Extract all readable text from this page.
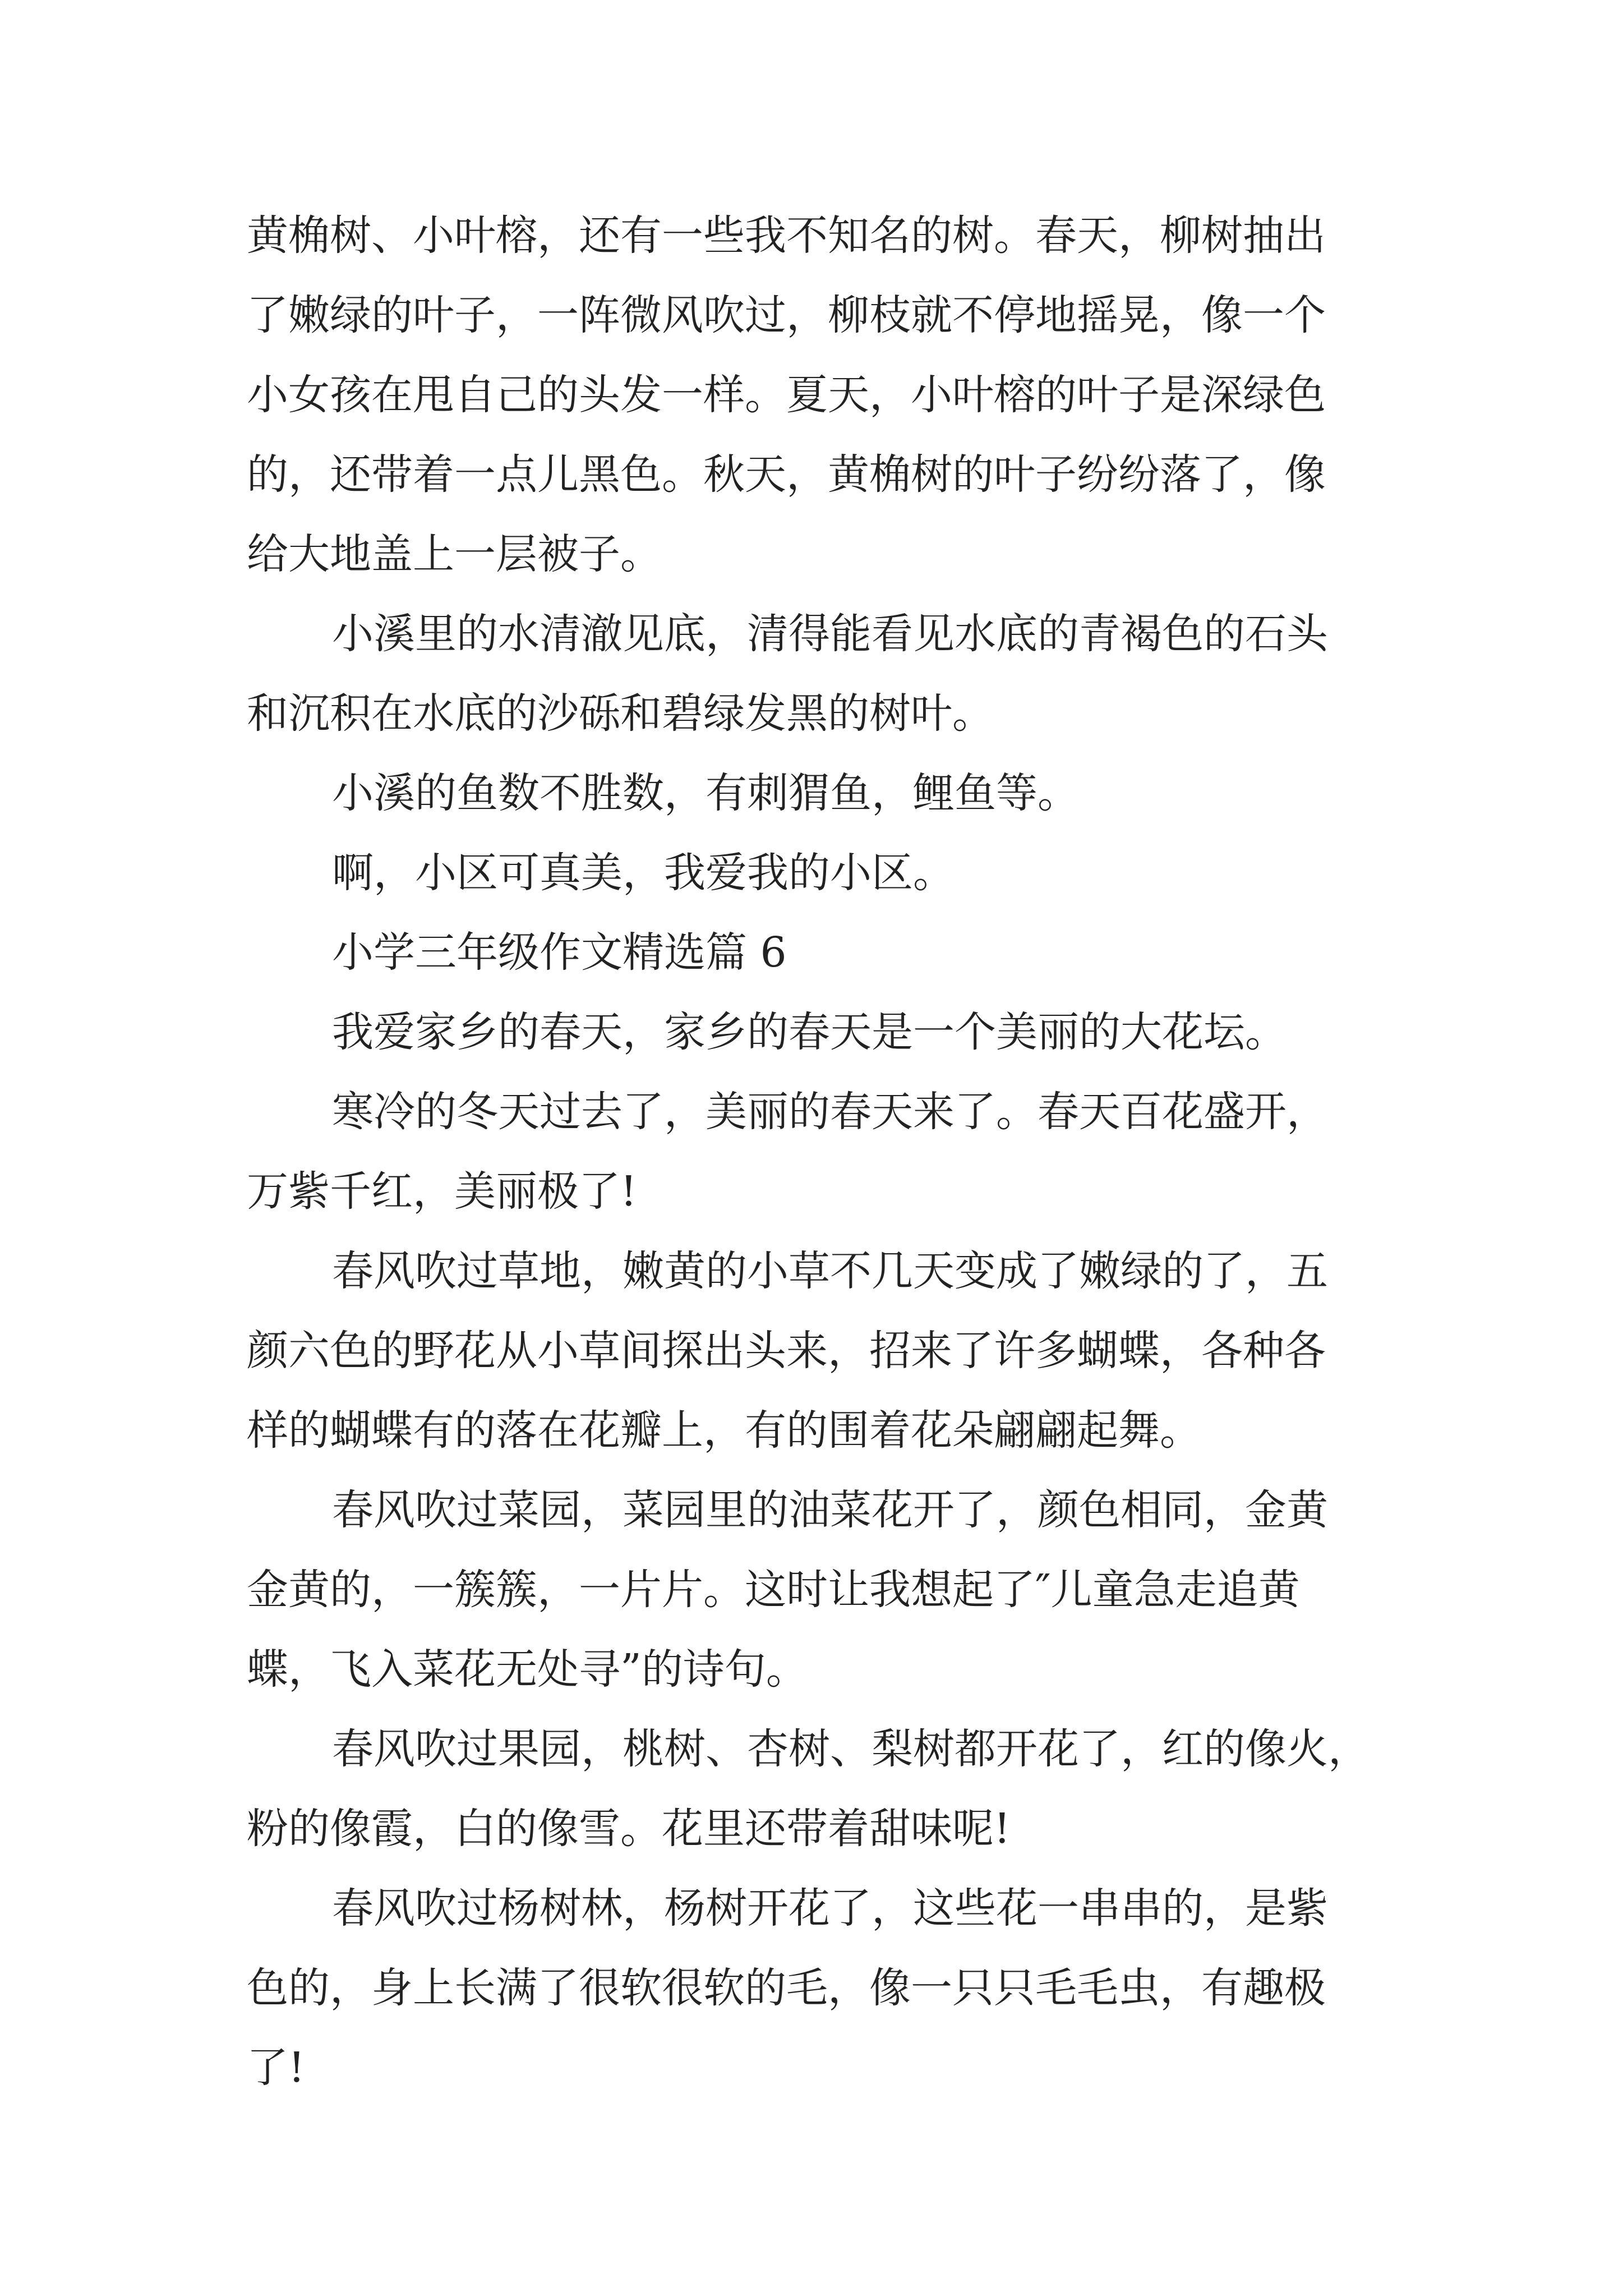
黄桷树、小叶榕，还有一些我不知名的树。春天，柳树抽出
了嫩绿的叶子，一阵微风吹过，柳枝就不停地摇晃，像一个
小女孩在甩自己的头发一样。夏天，小叶榕的叶子是深绿色
的，还带着一点儿黑色。秋天，黄桷树的叶子纷纷落了，像
给大地盖上一层被子。
小溪里的水清澈见底，清得能看见水底的青褐色的石头
和沉积在水底的沙砾和碧绿发黑的树叶。
小溪的鱼数不胜数，有刺猬鱼，鲤鱼等。
啊，小区可真美，我爱我的小区。
小学三年级作文精选篇 6
我爱家乡的春天，家乡的春天是一个美丽的大花坛。
寒冷的冬天过去了，美丽的春天来了。春天百花盛开，
万紫千红，美丽极了!
春风吹过草地，嫩黄的小草不几天变成了嫩绿的了，五
颜六色的野花从小草间探出头来，招来了许多蝴蝶，各种各
样的蝴蝶有的落在花瓣上，有的围着花朵翩翩起舞。
春风吹过菜园，菜园里的油菜花开了，颜色相同，金黄
金黄的，一簇簇，一片片。这时让我想起了″儿童急走追黄
蝶，飞入菜花无处寻”的诗句。
春风吹过果园，桃树、杏树、梨树都开花了，红的像火，
粉的像霞，白的像雪。花里还带着甜味呢!
春风吹过杨树林，杨树开花了，这些花一串串的，是紫
色的，身上长满了很软很软的毛，像一只只毛毛虫，有趣极
了!
